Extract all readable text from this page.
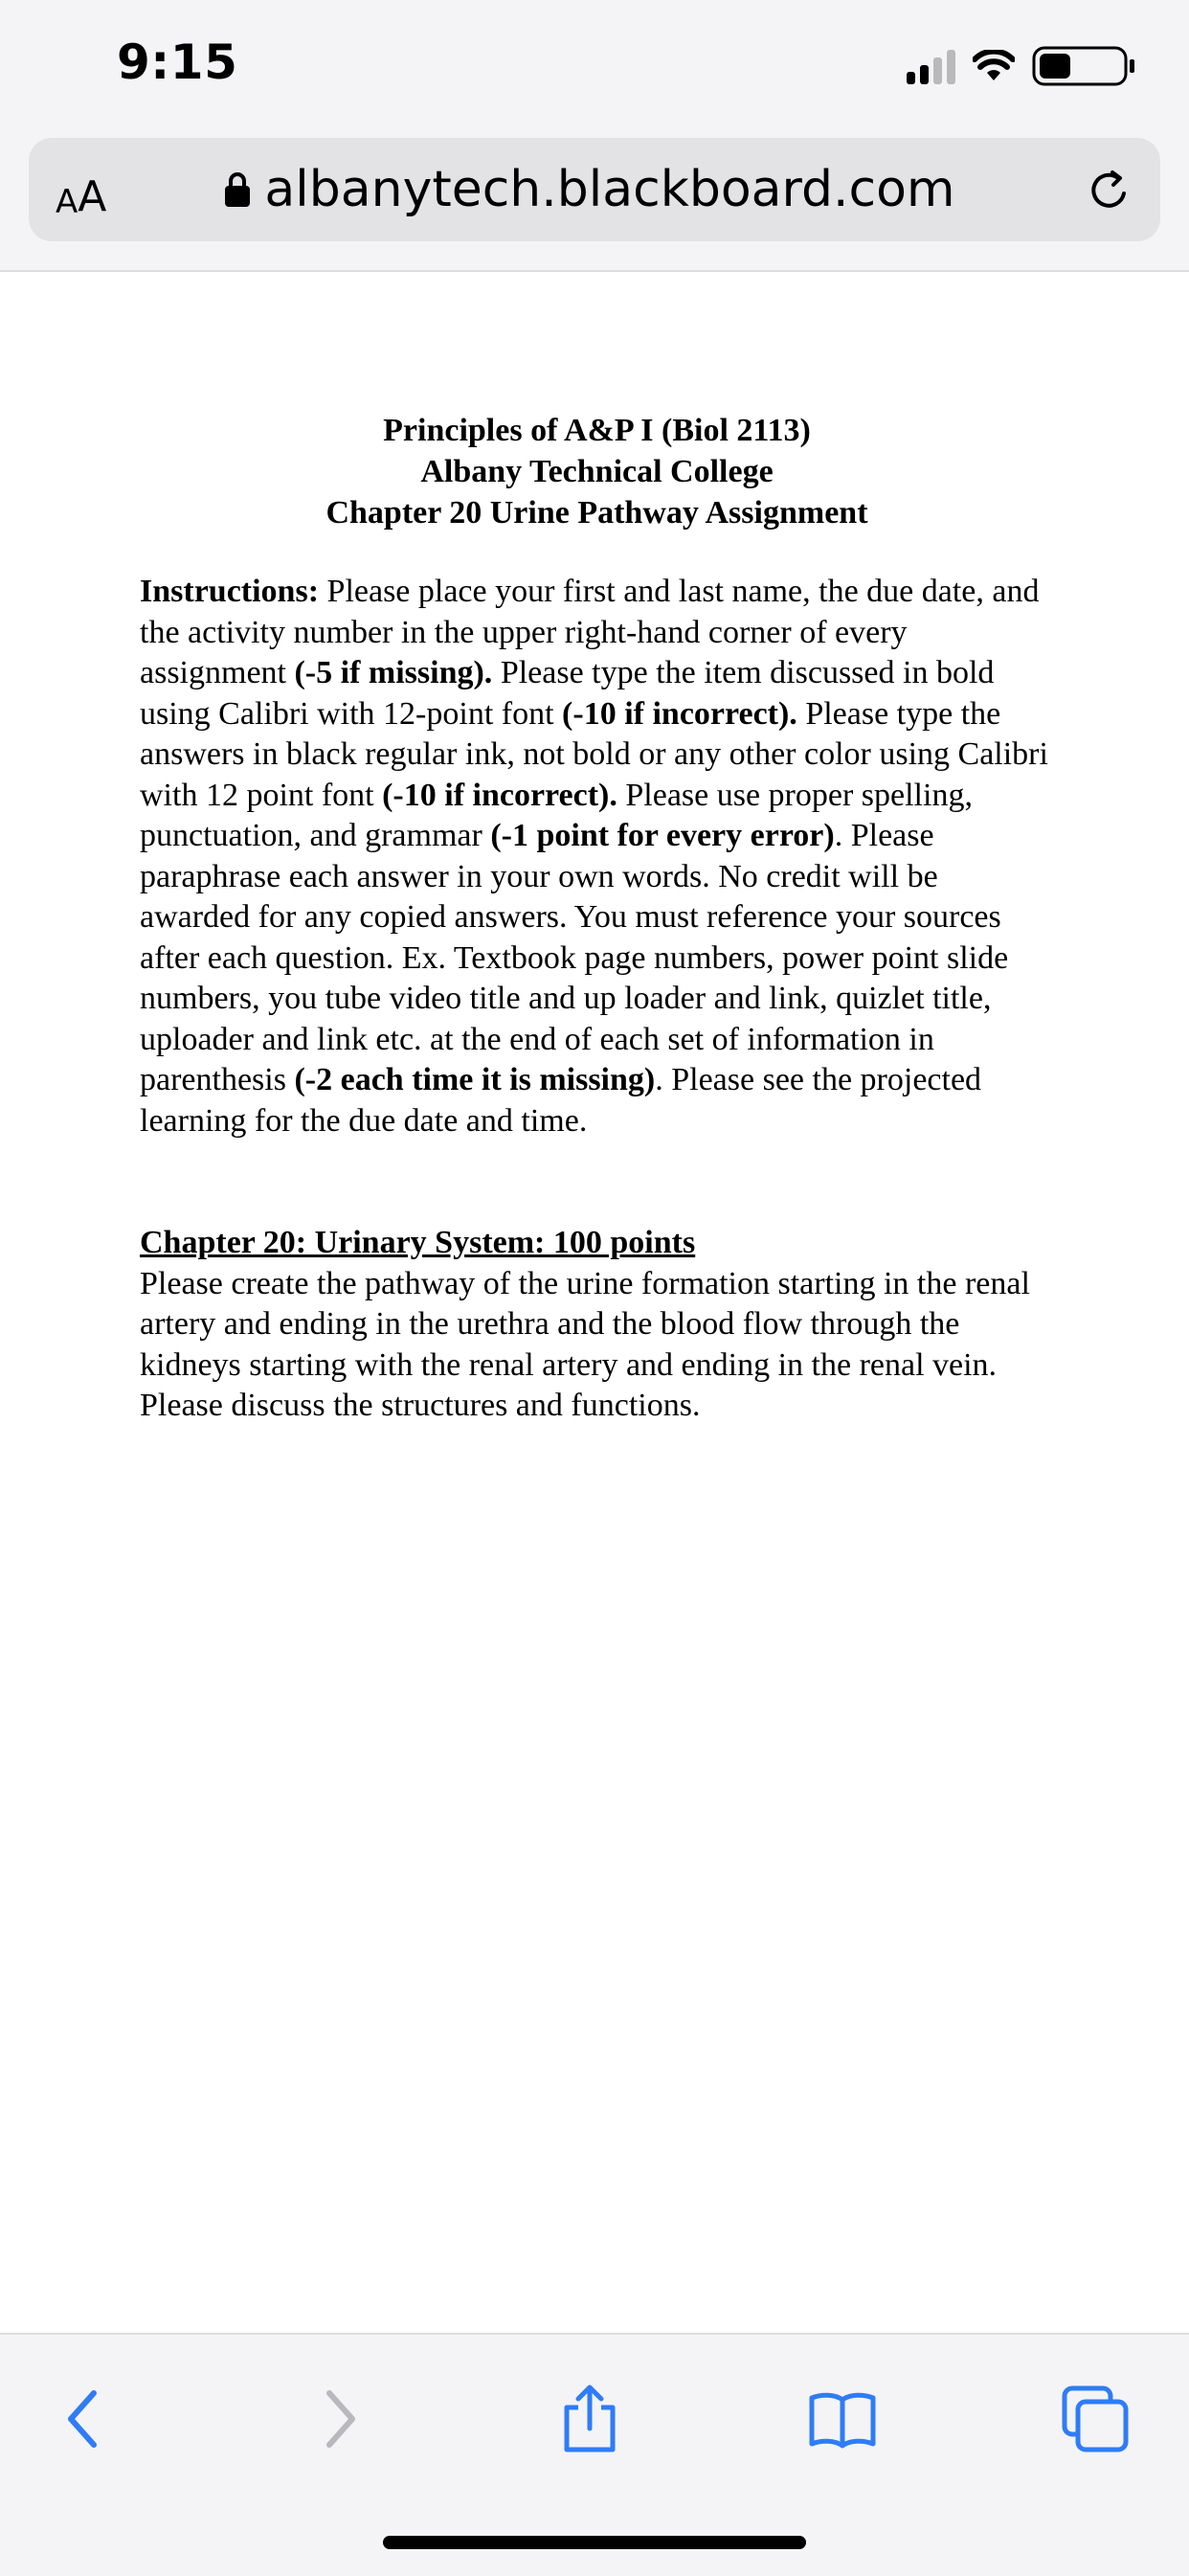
9:15
A A	albanytech.blackboard.com
Principles of A&P I (Biol 2113)
Albany Technical College
Chapter 20 Urine Pathway Assignment
Instructions: Please place your first and last name, the due date, and the activity number in the upper right-hand corner of every assignment (-5 if missing). Please type the item discussed in bold using Calibri with 12-point font (-10 if incorrect). Please type the answers in black regular ink, not bold or any other color using Calibri with 12 point font (-10 if incorrect). Please use proper spelling, punctuation, and grammar (-1 point for every error). Please paraphrase each answer in your own words. No credit will be awarded for any copied answers. You must reference your sources after each question. Ex. Textbook page numbers, power point slide numbers, you tube video title and up loader and link, quizlet title, uploader and link etc. at the end of each set of information in parenthesis (-2 each time it is missing). Please see the projected learning for the due date and time.
Chapter 20: Urinary System: 100 points
Please create the pathway of the urine formation starting in the renal artery and ending in the urethra and the blood flow through the kidneys starting with the renal artery and ending in the renal vein. Please discuss the structures and functions.
